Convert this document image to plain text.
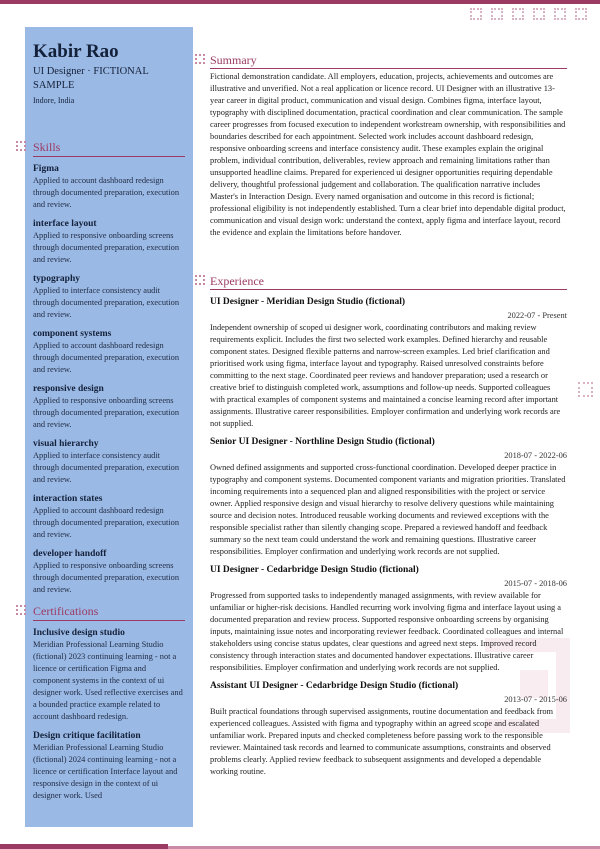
Kabir Rao
UI Designer · FICTIONAL SAMPLE
Indore, India
Skills
Figma
Applied to account dashboard redesign through documented preparation, execution and review.
interface layout
Applied to responsive onboarding screens through documented preparation, execution and review.
typography
Applied to interface consistency audit through documented preparation, execution and review.
component systems
Applied to account dashboard redesign through documented preparation, execution and review.
responsive design
Applied to responsive onboarding screens through documented preparation, execution and review.
visual hierarchy
Applied to interface consistency audit through documented preparation, execution and review.
interaction states
Applied to account dashboard redesign through documented preparation, execution and review.
developer handoff
Applied to responsive onboarding screens through documented preparation, execution and review.
Certifications
Inclusive design studio
Meridian Professional Learning Studio (fictional) 2023 continuing learning - not a licence or certification Figma and component systems in the context of ui designer work. Used reflective exercises and a bounded practice example related to account dashboard redesign.
Design critique facilitation
Meridian Professional Learning Studio (fictional) 2024 continuing learning - not a licence or certification Interface layout and responsive design in the context of ui designer work. Used
Summary
Fictional demonstration candidate. All employers, education, projects, achievements and outcomes are illustrative and unverified. Not a real application or licence record. UI Designer with an illustrative 13-year career in digital product, communication and visual design. Combines figma, interface layout, typography with disciplined documentation, practical coordination and clear communication. The sample career progresses from focused execution to independent workstream ownership, with responsibilities and boundaries described for each appointment. Selected work includes account dashboard redesign, responsive onboarding screens and interface consistency audit. These examples explain the original problem, individual contribution, deliverables, review approach and remaining limitations rather than unsupported headline claims. Prepared for experienced ui designer opportunities requiring dependable delivery, thoughtful professional judgement and collaboration. The qualification narrative includes Master's in Interaction Design. Every named organisation and outcome in this record is fictional; professional eligibility is not independently established. Turn a clear brief into dependable digital product, communication and visual design work: understand the context, apply figma and interface layout, record the evidence and explain the limitations before handover.
Experience
UI Designer - Meridian Design Studio (fictional)
2022-07 - Present
Independent ownership of scoped ui designer work, coordinating contributors and making review requirements explicit. Includes the first two selected work examples. Defined hierarchy and reusable component states. Designed flexible patterns and narrow-screen examples. Led brief clarification and prioritised work using figma, interface layout and typography. Raised unresolved constraints before committing to the next stage. Coordinated peer reviews and handover preparation; used a research or creative brief to distinguish completed work, assumptions and follow-up needs. Supported colleagues with practical examples of component systems and maintained a concise learning record after important assignments. Illustrative career responsibilities. Employer confirmation and underlying work records are not supplied.
Senior UI Designer - Northline Design Studio (fictional)
2018-07 - 2022-06
Owned defined assignments and supported cross-functional coordination. Developed deeper practice in typography and component systems. Documented component variants and migration priorities. Translated incoming requirements into a sequenced plan and aligned responsibilities with the project or service owner. Applied responsive design and visual hierarchy to resolve delivery questions while maintaining source and decision notes. Introduced reusable working documents and reviewed exceptions with the responsible specialist rather than silently changing scope. Prepared a reviewed handoff and feedback summary so the next team could understand the work and remaining questions. Illustrative career responsibilities. Employer confirmation and underlying work records are not supplied.
UI Designer - Cedarbridge Design Studio (fictional)
2015-07 - 2018-06
Progressed from supported tasks to independently managed assignments, with review available for unfamiliar or higher-risk decisions. Handled recurring work involving figma and interface layout using a documented preparation and review process. Supported responsive onboarding screens by organising inputs, maintaining issue notes and incorporating reviewer feedback. Coordinated colleagues and internal stakeholders using concise status updates, clear questions and agreed next steps. Improved record consistency through interaction states and documented handover expectations. Illustrative career responsibilities. Employer confirmation and underlying work records are not supplied.
Assistant UI Designer - Cedarbridge Design Studio (fictional)
2013-07 - 2015-06
Built practical foundations through supervised assignments, routine documentation and feedback from experienced colleagues. Assisted with figma and typography within an agreed scope and escalated unfamiliar work. Prepared inputs and checked completeness before passing work to the responsible reviewer. Maintained task records and learned to communicate assumptions, constraints and observed problems clearly. Applied review feedback to subsequent assignments and developed a dependable working routine.
